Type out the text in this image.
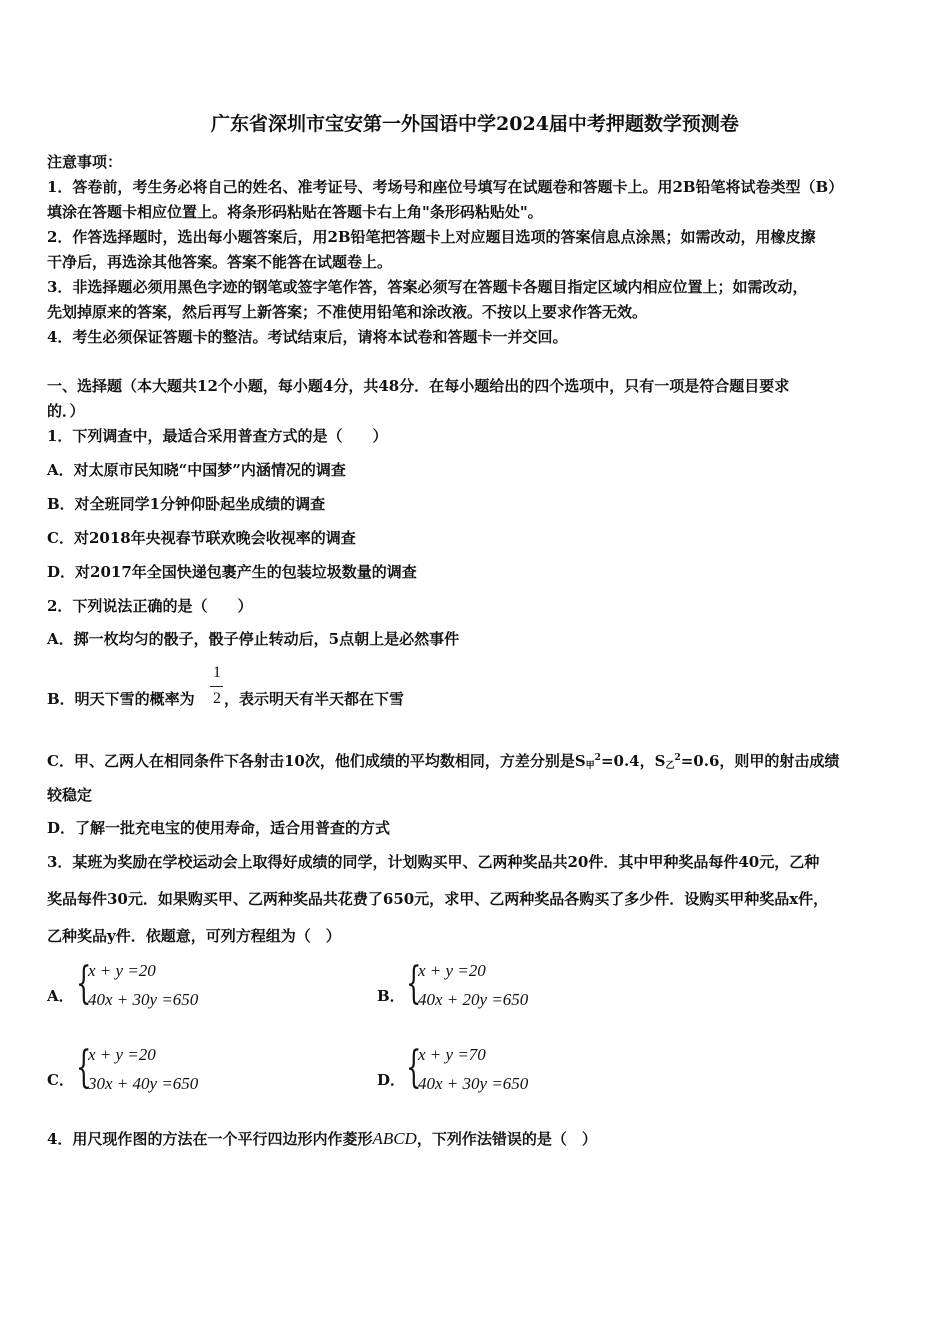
广东省深圳市宝安第一外国语中学2024届中考押题数学预测卷
注意事项：
1．答卷前，考生务必将自己的姓名、准考证号、考场号和座位号填写在试题卷和答题卡上。用2B铅笔将试卷类型（B）
填涂在答题卡相应位置上。将条形码粘贴在答题卡右上角"条形码粘贴处"。
2．作答选择题时，选出每小题答案后，用2B铅笔把答题卡上对应题目选项的答案信息点涂黑；如需改动，用橡皮擦
干净后，再选涂其他答案。答案不能答在试题卷上。
3．非选择题必须用黑色字迹的钢笔或签字笔作答，答案必须写在答题卡各题目指定区域内相应位置上；如需改动，
先划掉原来的答案，然后再写上新答案；不准使用铅笔和涂改液。不按以上要求作答无效。
4．考生必须保证答题卡的整洁。考试结束后，请将本试卷和答题卡一并交回。
一、选择题（本大题共12个小题，每小题4分，共48分．在每小题给出的四个选项中，只有一项是符合题目要求
的．）
1．下列调查中，最适合采用普查方式的是（　　）
A．对太原市民知晓“中国梦”内涵情况的调查
B．对全班同学1分钟仰卧起坐成绩的调查
C．对2018年央视春节联欢晚会收视率的调查
D．对2017年全国快递包裹产生的包装垃圾数量的调查
2．下列说法正确的是（　　）
A．掷一枚均匀的骰子，骰子停止转动后，5点朝上是必然事件
B．明天下雪的概率为
1
2 ，表示明天有半天都在下雪
C．甲、乙两人在相同条件下各射击10次，他们成绩的平均数相同，方差分别是$S_甲^2=0.4$，$S_乙^2=0.6$，则甲的射击成绩
较稳定
D．了解一批充电宝的使用寿命，适合用普查的方式
3．某班为奖励在学校运动会上取得好成绩的同学，计划购买甲、乙两种奖品共20件．其中甲种奖品每件40元，乙种
奖品每件30元．如果购买甲、乙两种奖品共花费了650元，求甲、乙两种奖品各购买了多少件．设购买甲种奖品x件，
乙种奖品y件．依题意，可列方程组为（　）
A． {
x + y =20
40x + 30y =650	B． {
x + y =20
40x + 20y =650
C． {
x + y =20
30x + 40y =650	D． {
x + y =70
40x + 30y =650
4．用尺现作图的方法在一个平行四边形内作菱形ABCD，下列作法错误的是（　）
